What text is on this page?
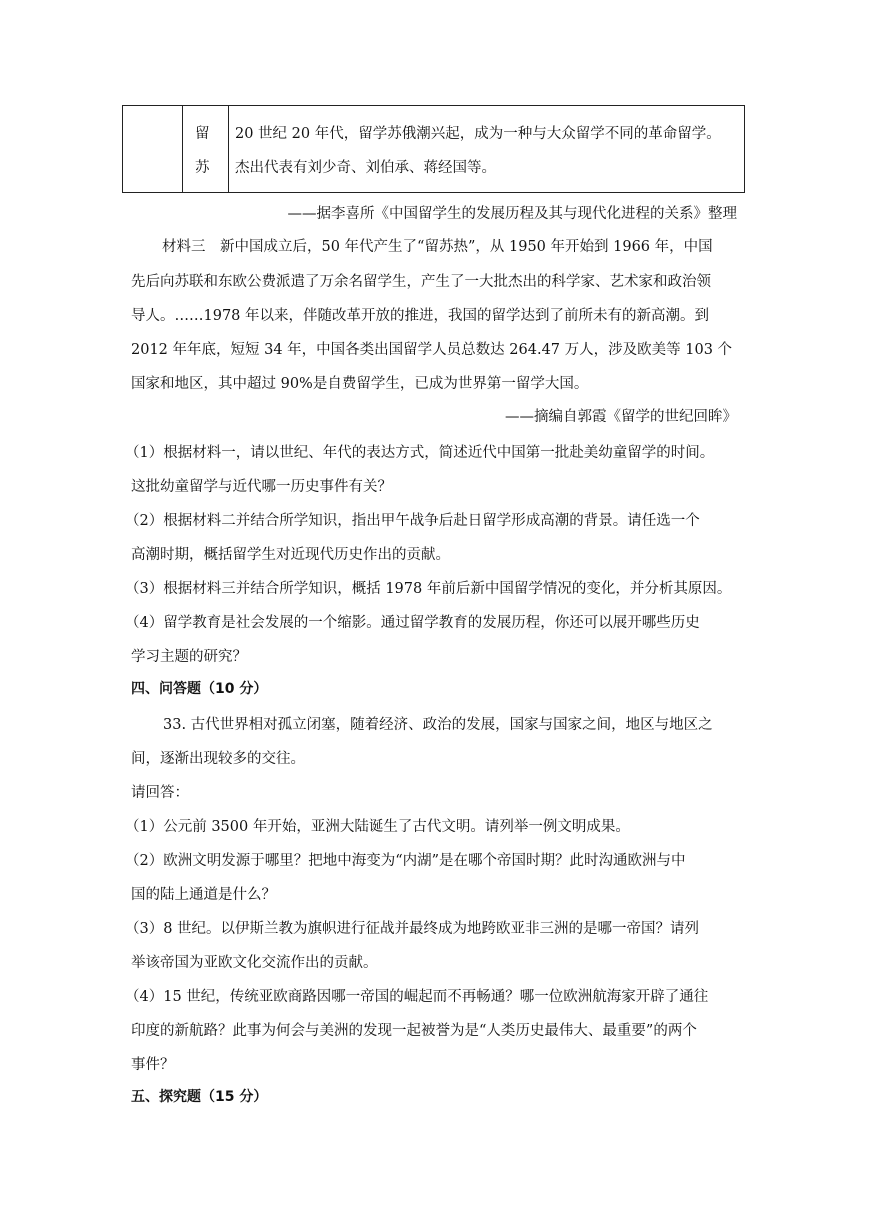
留
苏
20 世纪 20 年代，留学苏俄潮兴起，成为一种与大众留学不同的革命留学。
杰出代表有刘少奇、刘伯承、蒋经国等。
——据李喜所《中国留学生的发展历程及其与现代化进程的关系》整理
材料三　新中国成立后，50 年代产生了“留苏热”，从 1950 年开始到 1966 年，中国
先后向苏联和东欧公费派遣了万余名留学生，产生了一大批杰出的科学家、艺术家和政治领
导人。……1978 年以来，伴随改革开放的推进，我国的留学达到了前所未有的新高潮。到
2012 年年底，短短 34 年，中国各类出国留学人员总数达 264.47 万人，涉及欧美等 103 个
国家和地区，其中超过 90%是自费留学生，已成为世界第一留学大国。
——摘编自郭霞《留学的世纪回眸》
（1）根据材料一，请以世纪、年代的表达方式，简述近代中国第一批赴美幼童留学的时间。
这批幼童留学与近代哪一历史事件有关？
（2）根据材料二并结合所学知识，指出甲午战争后赴日留学形成高潮的背景。请任选一个
高潮时期，概括留学生对近现代历史作出的贡献。
（3）根据材料三并结合所学知识，概括 1978 年前后新中国留学情况的变化，并分析其原因。
（4）留学教育是社会发展的一个缩影。通过留学教育的发展历程，你还可以展开哪些历史
学习主题的研究？
四、问答题（10 分）
33. 古代世界相对孤立闭塞，随着经济、政治的发展，国家与国家之间，地区与地区之
间，逐渐出现较多的交往。
请回答：
（1）公元前 3500 年开始，亚洲大陆诞生了古代文明。请列举一例文明成果。
（2）欧洲文明发源于哪里？把地中海变为“内湖”是在哪个帝国时期？此时沟通欧洲与中
国的陆上通道是什么？
（3）8 世纪。以伊斯兰教为旗帜进行征战并最终成为地跨欧亚非三洲的是哪一帝国？请列
举该帝国为亚欧文化交流作出的贡献。
（4）15 世纪，传统亚欧商路因哪一帝国的崛起而不再畅通？哪一位欧洲航海家开辟了通往
印度的新航路？此事为何会与美洲的发现一起被誉为是“人类历史最伟大、最重要”的两个
事件？
五、探究题（15 分）
